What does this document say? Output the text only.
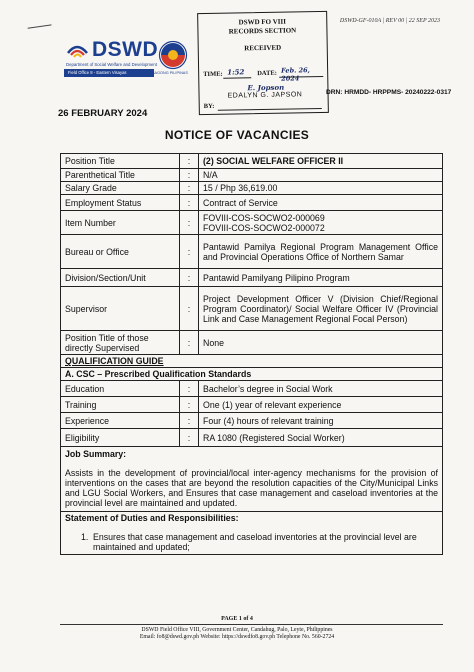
DSWD-GF-010A | REV 00 | 22 SEP 2023
DSWD
Department of Social Welfare and Development
Field Office 8 - Eastern Visayas	BAGONG PILIPINAS
DSWD FO VIII
RECORDS SECTION
RECEIVED
TIME: 1:52 DATE: Feb. 26, 2024
E. Jopson
EDALYN G. JAPSON
BY:
DRN: HRMDD- HRPPMS- 20240222-0317
26 FEBRUARY 2024
NOTICE OF VACANCIES
Position Title	:	(2) SOCIAL WELFARE OFFICER II
Parenthetical Title	:	N/A
Salary Grade	:	15 / Php 36,619.00
Employment Status	:	Contract of Service
Item Number	:	FOVIII-COS-SOCWO2-000069
FOVIII-COS-SOCWO2-000072

Bureau or Office	:	Pantawid Pamilya Regional Program Management Office and Provincial Operations Office of Northern Samar
Division/Section/Unit	:	Pantawid Pamilyang Pilipino Program
Supervisor	:	Project Development Officer V (Division Chief/Regional Program Coordinator)/ Social Welfare Officer IV (Provincial Link and Case Management Regional Focal Person)
Position Title of those directly Supervised	:	None
QUALIFICATION GUIDE		
A. CSC – Prescribed Qualification Standards		
Education	:	Bachelor’s degree in Social Work
Training	:	One (1) year of relevant experience
Experience	:	Four (4) hours of relevant training
Eligibility	:	RA 1080 (Registered Social Worker)

Job Summary:		

Assists in the development of provincial/local inter-agency mechanisms for the provision of interventions on the cases that are beyond the resolution capacities of the City/Municipal Links and LGU Social Workers, and Ensures that case management and caseload inventories at the provincial level are maintained and updated.		

Statement of Duties and Responsibilities:		

1. Ensures that case management and caseload inventories at the provincial level are maintained and updated;		
PAGE 1 of 4
DSWD Field Office VIII, Government Center, Candahug, Palo, Leyte, Philippines
Email: fo8@dswd.gov.ph Website: https://dswdfo8.gov.ph Telephone No. 560-2724
